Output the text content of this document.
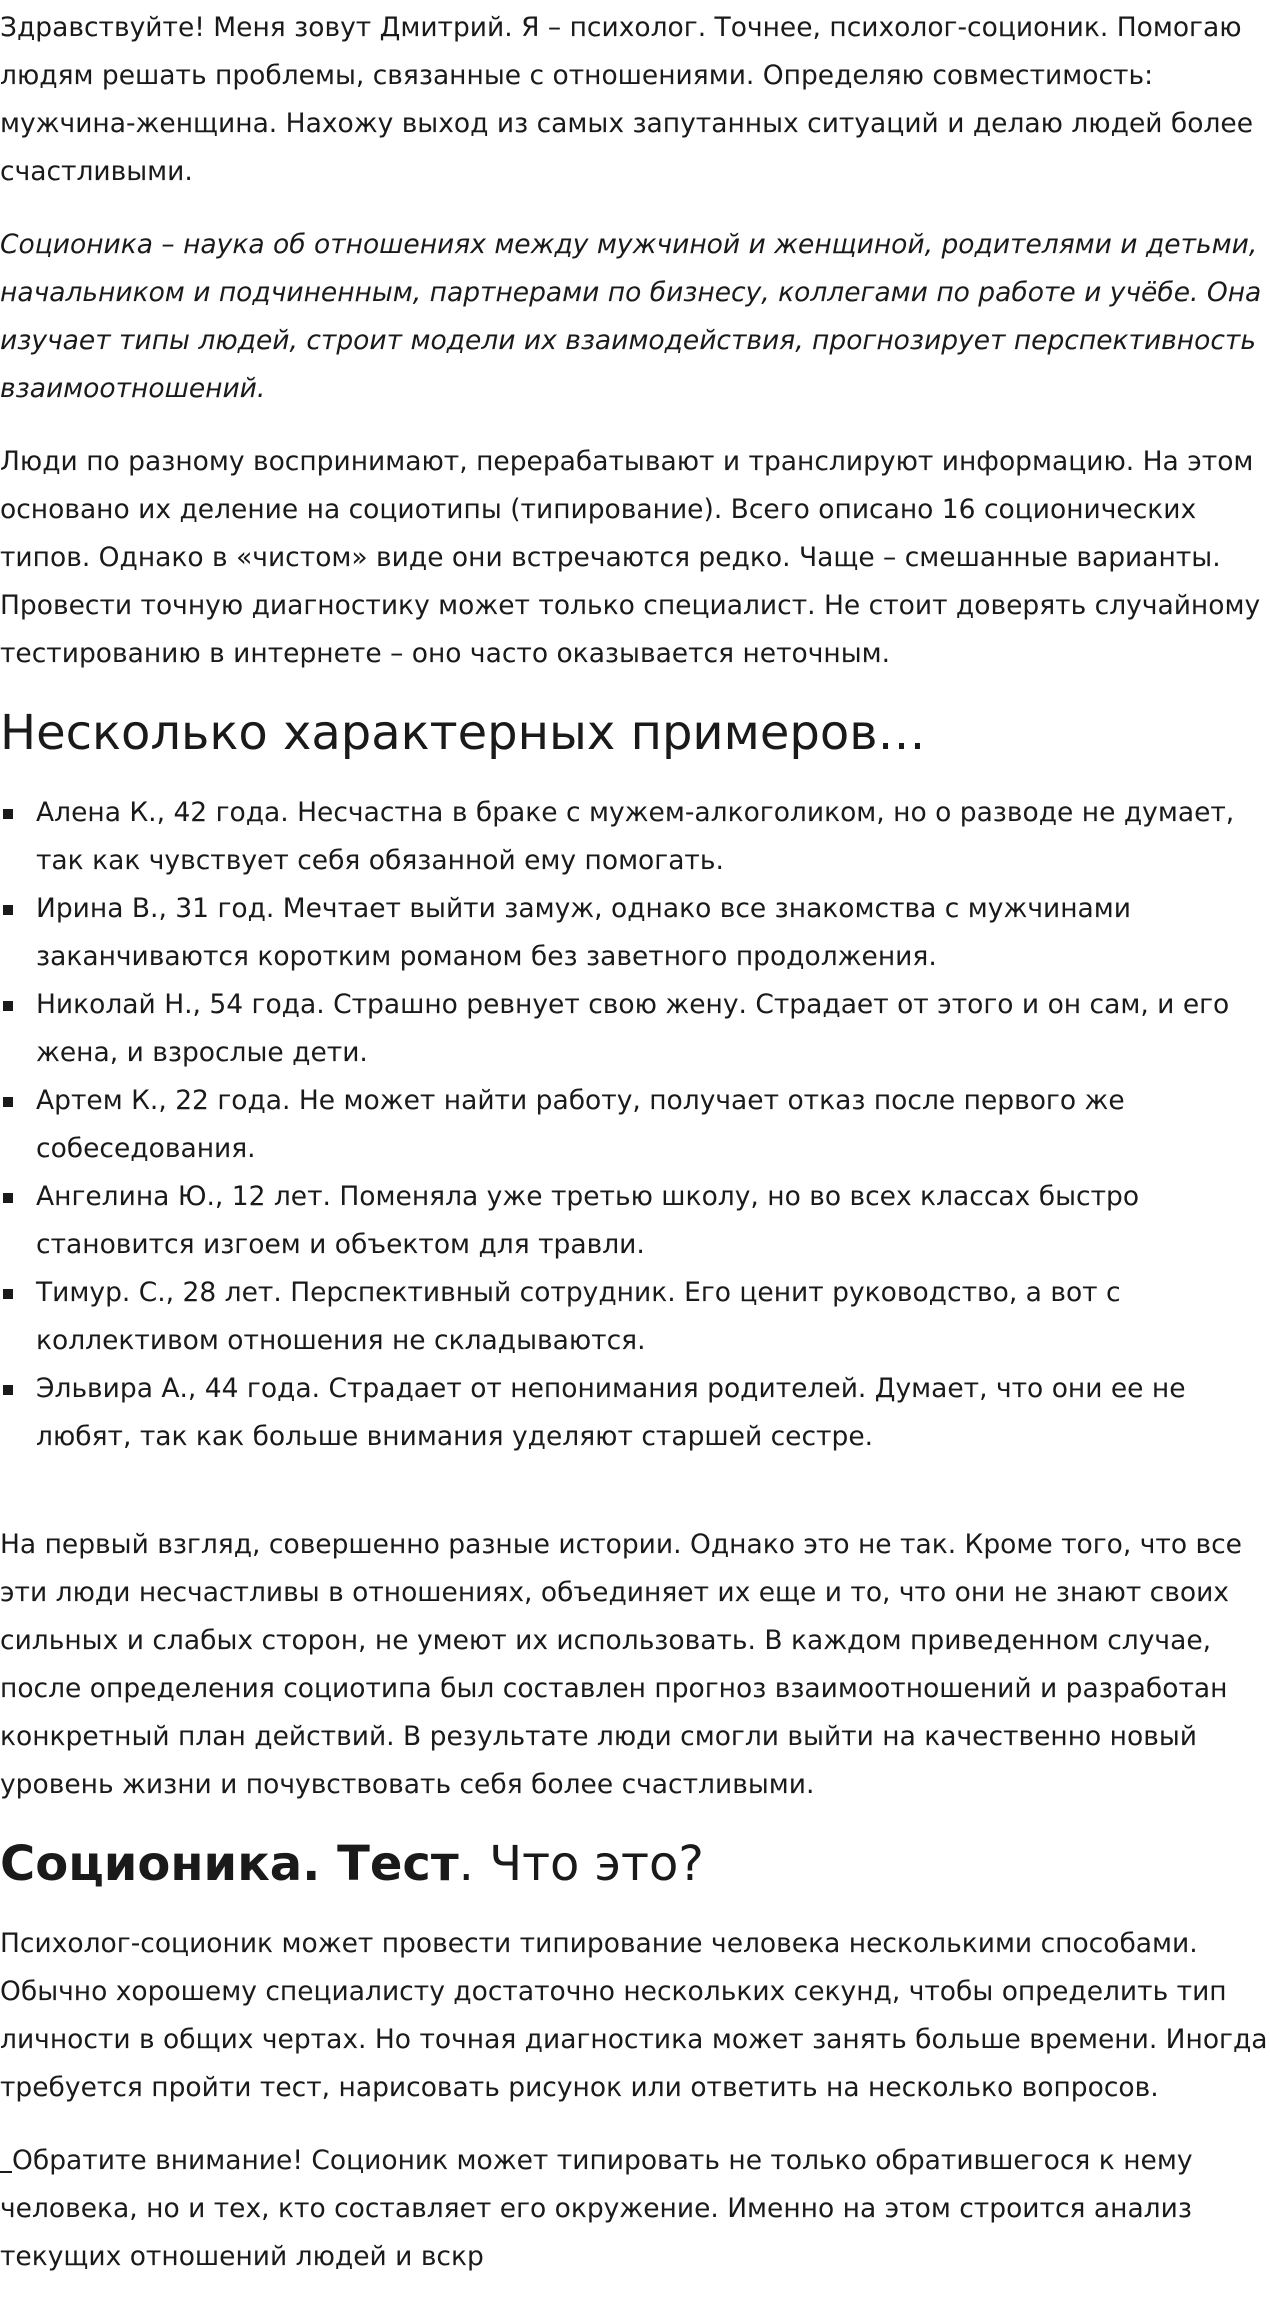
Здравствуйте! Меня зовут Дмитрий. Я – психолог. Точнее, психолог-соционик. Помогаю людям решать проблемы, связанные с отношениями. Определяю совместимость: мужчина-женщина. Нахожу выход из самых запутанных ситуаций и делаю людей более счастливыми.

Соционика – наука об отношениях между мужчиной и женщиной, родителями и детьми, начальником и подчиненным, партнерами по бизнесу, коллегами по работе и учёбе. Она изучает типы людей, строит модели их взаимодействия, прогнозирует перспективность взаимоотношений.

Люди по разному воспринимают, перерабатывают и транслируют информацию. На этом основано их деление на социотипы (типирование). Всего описано 16 соционических типов. Однако в «чистом» виде они встречаются редко. Чаще – смешанные варианты. Провести точную диагностику может только специалист. Не стоит доверять случайному тестированию в интернете – оно часто оказывается неточным.

Несколько характерных примеров…
Алена К., 42 года. Несчастна в браке с мужем-алкоголиком, но о разводе не думает, так как чувствует себя обязанной ему помогать.
Ирина В., 31 год. Мечтает выйти замуж, однако все знакомства с мужчинами заканчиваются коротким романом без заветного продолжения.
Николай Н., 54 года. Страшно ревнует свою жену. Страдает от этого и он сам, и его жена, и взрослые дети.
Артем К., 22 года. Не может найти работу, получает отказ после первого же собеседования.
Ангелина Ю., 12 лет. Поменяла уже третью школу, но во всех классах быстро становится изгоем и объектом для травли.
Тимур. С., 28 лет. Перспективный сотрудник. Его ценит руководство, а вот с коллективом отношения не складываются.
Эльвира А., 44 года. Страдает от непонимания родителей. Думает, что они ее не любят, так как больше внимания уделяют старшей сестре.

На первый взгляд, совершенно разные истории. Однако это не так. Кроме того, что все эти люди несчастливы в отношениях, объединяет их еще и то, что они не знают своих сильных и слабых сторон, не умеют их использовать. В каждом приведенном случае, после определения социотипа был составлен прогноз взаимоотношений и разработан конкретный план действий. В результате люди смогли выйти на качественно новый уровень жизни и почувствовать себя более счастливыми.

Соционика. Тест. Что это?

Психолог-соционик может провести типирование человека несколькими способами. Обычно хорошему специалисту достаточно нескольких секунд, чтобы определить тип личности в общих чертах. Но точная диагностика может занять больше времени. Иногда требуется пройти тест, нарисовать рисунок или ответить на несколько вопросов.

Обратите внимание! Соционик может типировать не только обратившегося к нему человека, но и тех, кто составляет его окружение. Именно на этом строится анализ текущих отношений людей и вскр
